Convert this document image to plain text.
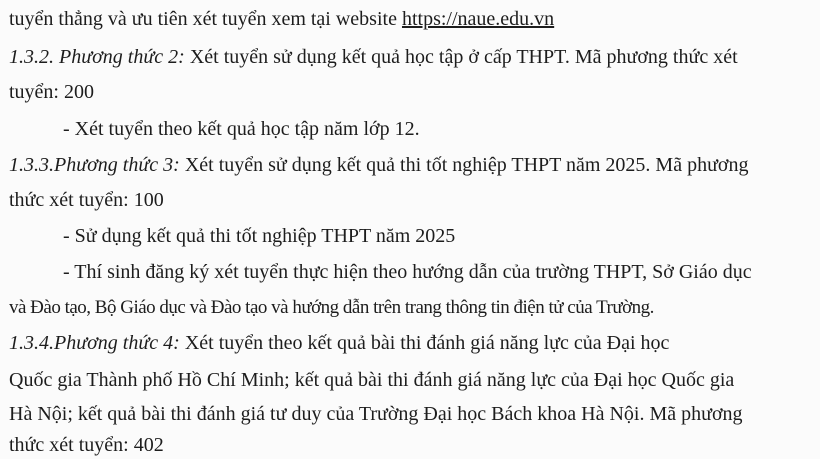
tuyển thẳng và ưu tiên xét tuyển xem tại website https://naue.edu.vn
1.3.2. Phương thức 2: Xét tuyển sử dụng kết quả học tập ở cấp THPT. Mã phương thức xét
tuyển: 200
- Xét tuyển theo kết quả học tập năm lớp 12.
1.3.3.Phương thức 3: Xét tuyển sử dụng kết quả thi tốt nghiệp THPT năm 2025. Mã phương
thức xét tuyển: 100
- Sử dụng kết quả thi tốt nghiệp THPT năm 2025
- Thí sinh đăng ký xét tuyển thực hiện theo hướng dẫn của trường THPT, Sở Giáo dục
và Đào tạo, Bộ Giáo dục và Đào tạo và hướng dẫn trên trang thông tin điện tử của Trường.
1.3.4.Phương thức 4: Xét tuyển theo kết quả bài thi đánh giá năng lực của Đại học
Quốc gia Thành phố Hồ Chí Minh; kết quả bài thi đánh giá năng lực của Đại học Quốc gia
Hà Nội; kết quả bài thi đánh giá tư duy của Trường Đại học Bách khoa Hà Nội. Mã phương
thức xét tuyển: 402
